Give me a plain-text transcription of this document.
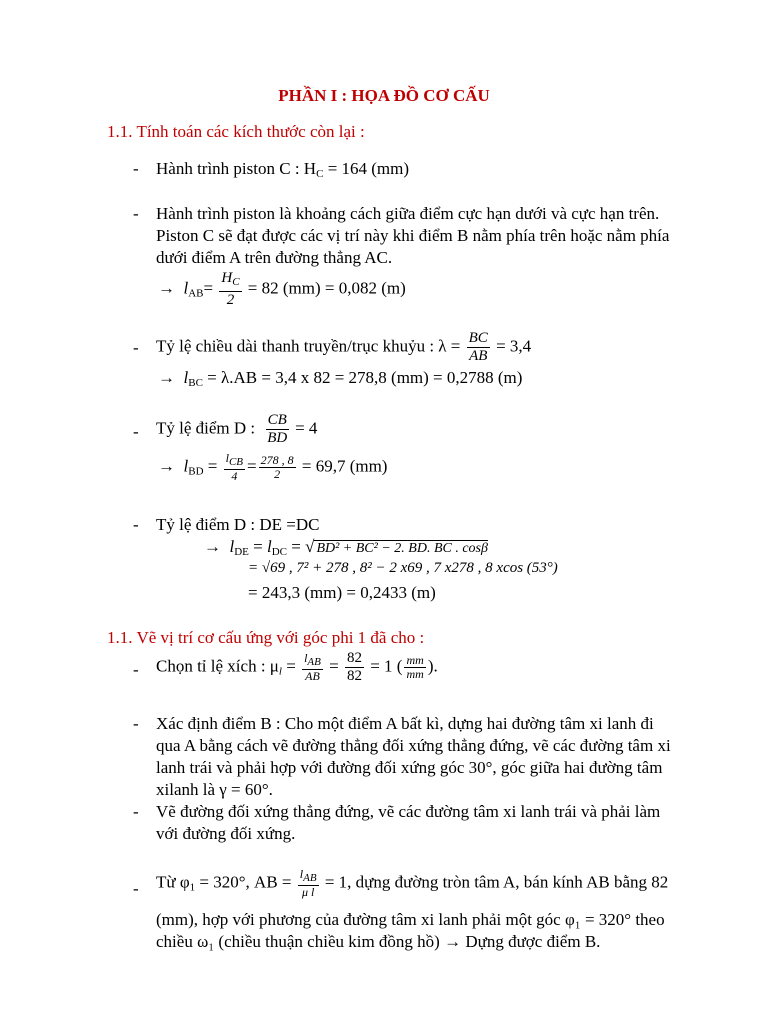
PHẦN I : HỌA ĐỒ CƠ CẤU
1.1. Tính toán các kích thước còn lại :
- Hành trình piston C : $H_C = 164$ (mm)
- Hành trình piston là khoảng cách giữa điểm cực hạn dưới và cực hạn trên.
Piston C sẽ đạt được các vị trí này khi điểm B nằm phía trên hoặc nằm phía
dưới điểm A trên đường thẳng AC.
→ $l_{AB}= \frac{H_C}{2} = 82$ (mm) = 0,082 (m)
- Tỷ lệ chiều dài thanh truyền/trục khuỷu : $\lambda = \frac{BC}{AB} = 3,4$
→ $l_{BC} = \lambda.AB = 3,4$ x 82 = 278,8 (mm) = 0,2788 (m)
- Tỷ lệ điểm D : $\frac{CB}{BD} = 4$
→ $l_{BD} = \frac{\text{lCB}}{4} = \frac{278 , 8}{2} = 69,7$ (mm)
- Tỷ lệ điểm D : DE =DC
→ $l_{DE} = l_{DC}$ = √ BD² + BC² − 2. BD. BC . cosβ
= √69 , 7² + 278 , 8² − 2 x69 , 7 x278 , 8 xcos (53°)
= 243,3 (mm) = 0,2433 (m)
1.1. Vẽ vị trí cơ cấu ứng với góc phi 1 đã cho :
- Chọn tỉ lệ xích : $\mu_l = \frac{\text{lAB}}{AB} = \frac{82}{82} = 1$ ( $\frac{mm}{mm}$ ).
- Xác định điểm B : Cho một điểm A bất kì, dựng hai đường tâm xi lanh đi
qua A bằng cách vẽ đường thẳng đối xứng thẳng đứng, vẽ các đường tâm xi
lanh trái và phải hợp với đường đối xứng góc 30°, góc giữa hai đường tâm
xilanh là γ = 60°.
- Vẽ đường đối xứng thẳng đứng, vẽ các đường tâm xi lanh trái và phải làm
với đường đối xứng.
- Từ $\varphi_1 = 320^\circ$, AB = $\frac{\text{lAB}}{\text{μ l}} = 1$, dựng đường tròn tâm A, bán kính AB bằng 82
(mm), hợp với phương của đường tâm xi lanh phải một góc φ₁ = 320° theo
chiều ω₁ (chiều thuận chiều kim đồng hồ) → Dựng được điểm B.
